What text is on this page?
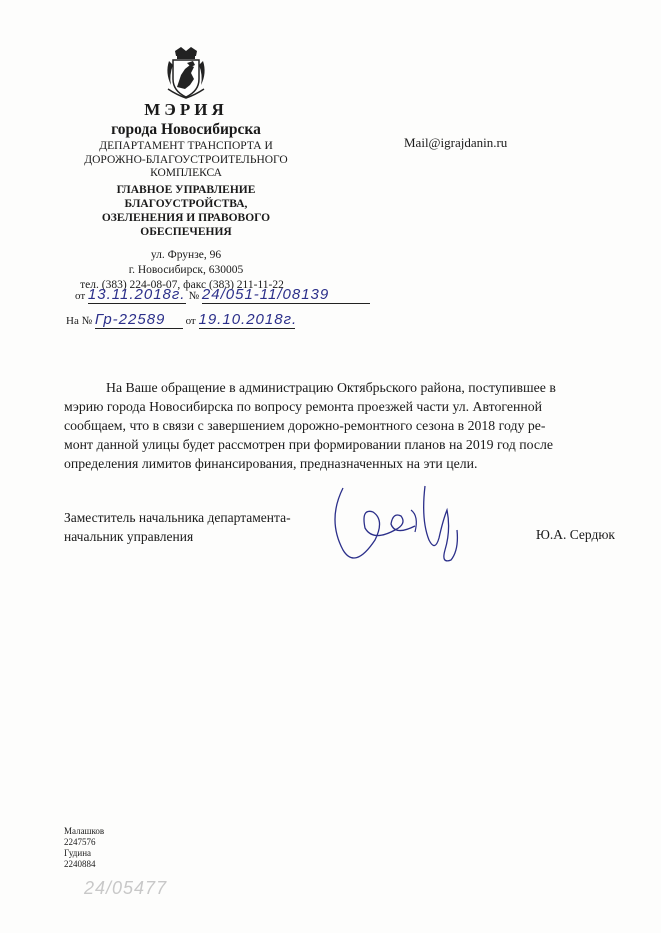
МЭРИЯ
города Новосибирска
ДЕПАРТАМЕНТ ТРАНСПОРТА И
ДОРОЖНО-БЛАГОУСТРОИТЕЛЬНОГО
КОМПЛЕКСА
ГЛАВНОЕ УПРАВЛЕНИЕ
БЛАГОУСТРОЙСТВА,
ОЗЕЛЕНЕНИЯ И ПРАВОВОГО
ОБЕСПЕЧЕНИЯ
ул. Фрунзе, 96
г. Новосибирск, 630005
тел. (383) 224-08-07, факс (383) 211-11-22
Mail@igrajdanin.ru
от 13.11.2018г. № 24/051-11/08139
На № Гр-22589 от 19.10.2018г.
На Ваше обращение в администрацию Октябрьского района, поступившее в
мэрию города Новосибирска по вопросу ремонта проезжей части ул. Автогенной
сообщаем, что в связи с завершением дорожно-ремонтного сезона в 2018 году ре-
монт данной улицы будет рассмотрен при формировании планов на 2019 год после
определения лимитов финансирования, предназначенных на эти цели.
Заместитель начальника департамента-
начальник управления	Ю.А. Сердюк
Малашков
2247576
Гудина
2240884
24/05477
